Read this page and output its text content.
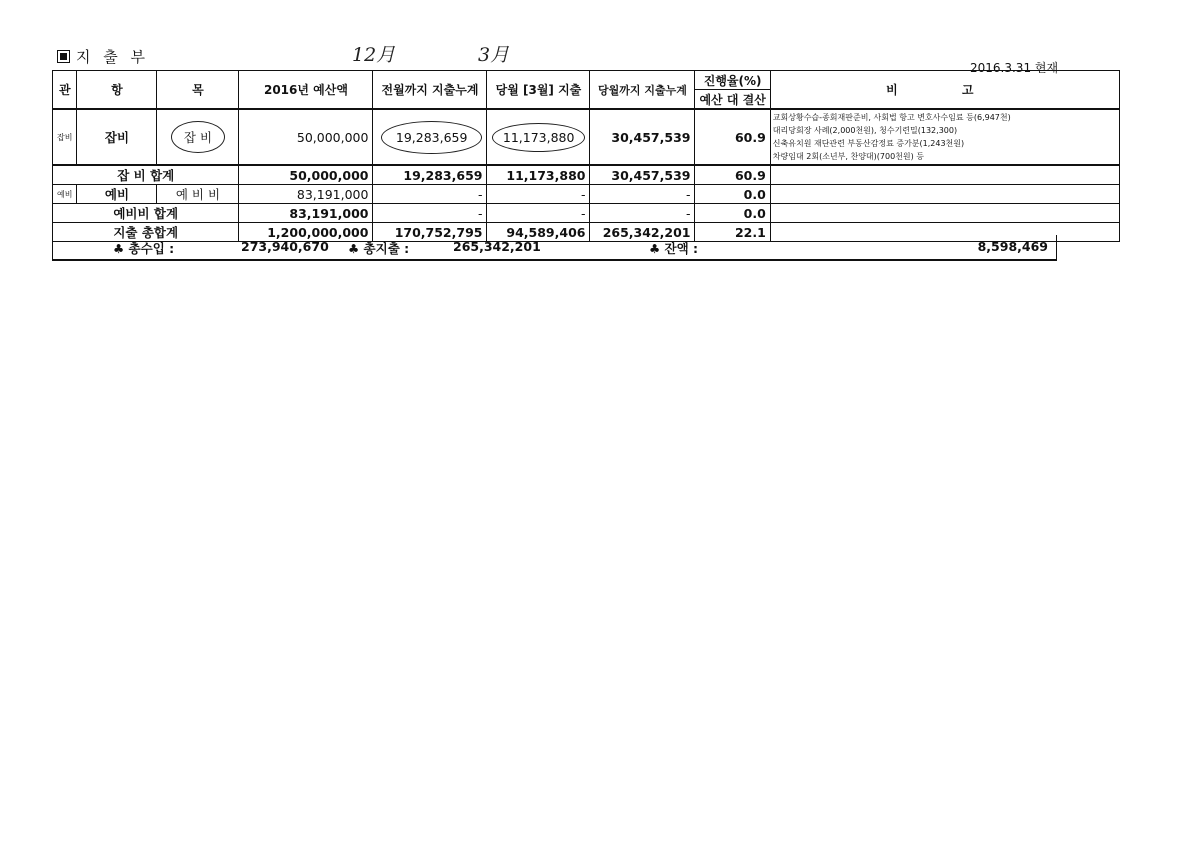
지 출 부	12月	3月
2016.3.31 현재
관	항	목	2016년 예산액	전월까지 지출누계	당월 [3월] 지출	당월까지 지출누계	진행율(%)	비 고
							예산 대 결산	
잡비	잡비	잡 비	50,000,000	19,283,659	11,173,880	30,457,539	60.9	교회상황수습-종회재판준비, 사회법 항고 변호사수임료 등(6,947천)
대리당회장 사례(2,000천원), 청수기련밀(132,300)
신축유치원 재단관련 부동산감정료 증가분(1,243천원)
차량임대 2회(소년부, 찬양대)(700천원) 등

잡 비 합계			50,000,000	19,283,659	11,173,880	30,457,539	60.9	
예비	예비	예 비 비	83,191,000	-	-	-	0.0	
예비비 합계			83,191,000	-	-	-	0.0	
지출 총합계			1,200,000,000	170,752,795	94,589,406	265,342,201	22.1	
♣ 총수입 :	273,940,670 ♣ 총지출 :	265,342,201	♣ 잔액 :	8,598,469
